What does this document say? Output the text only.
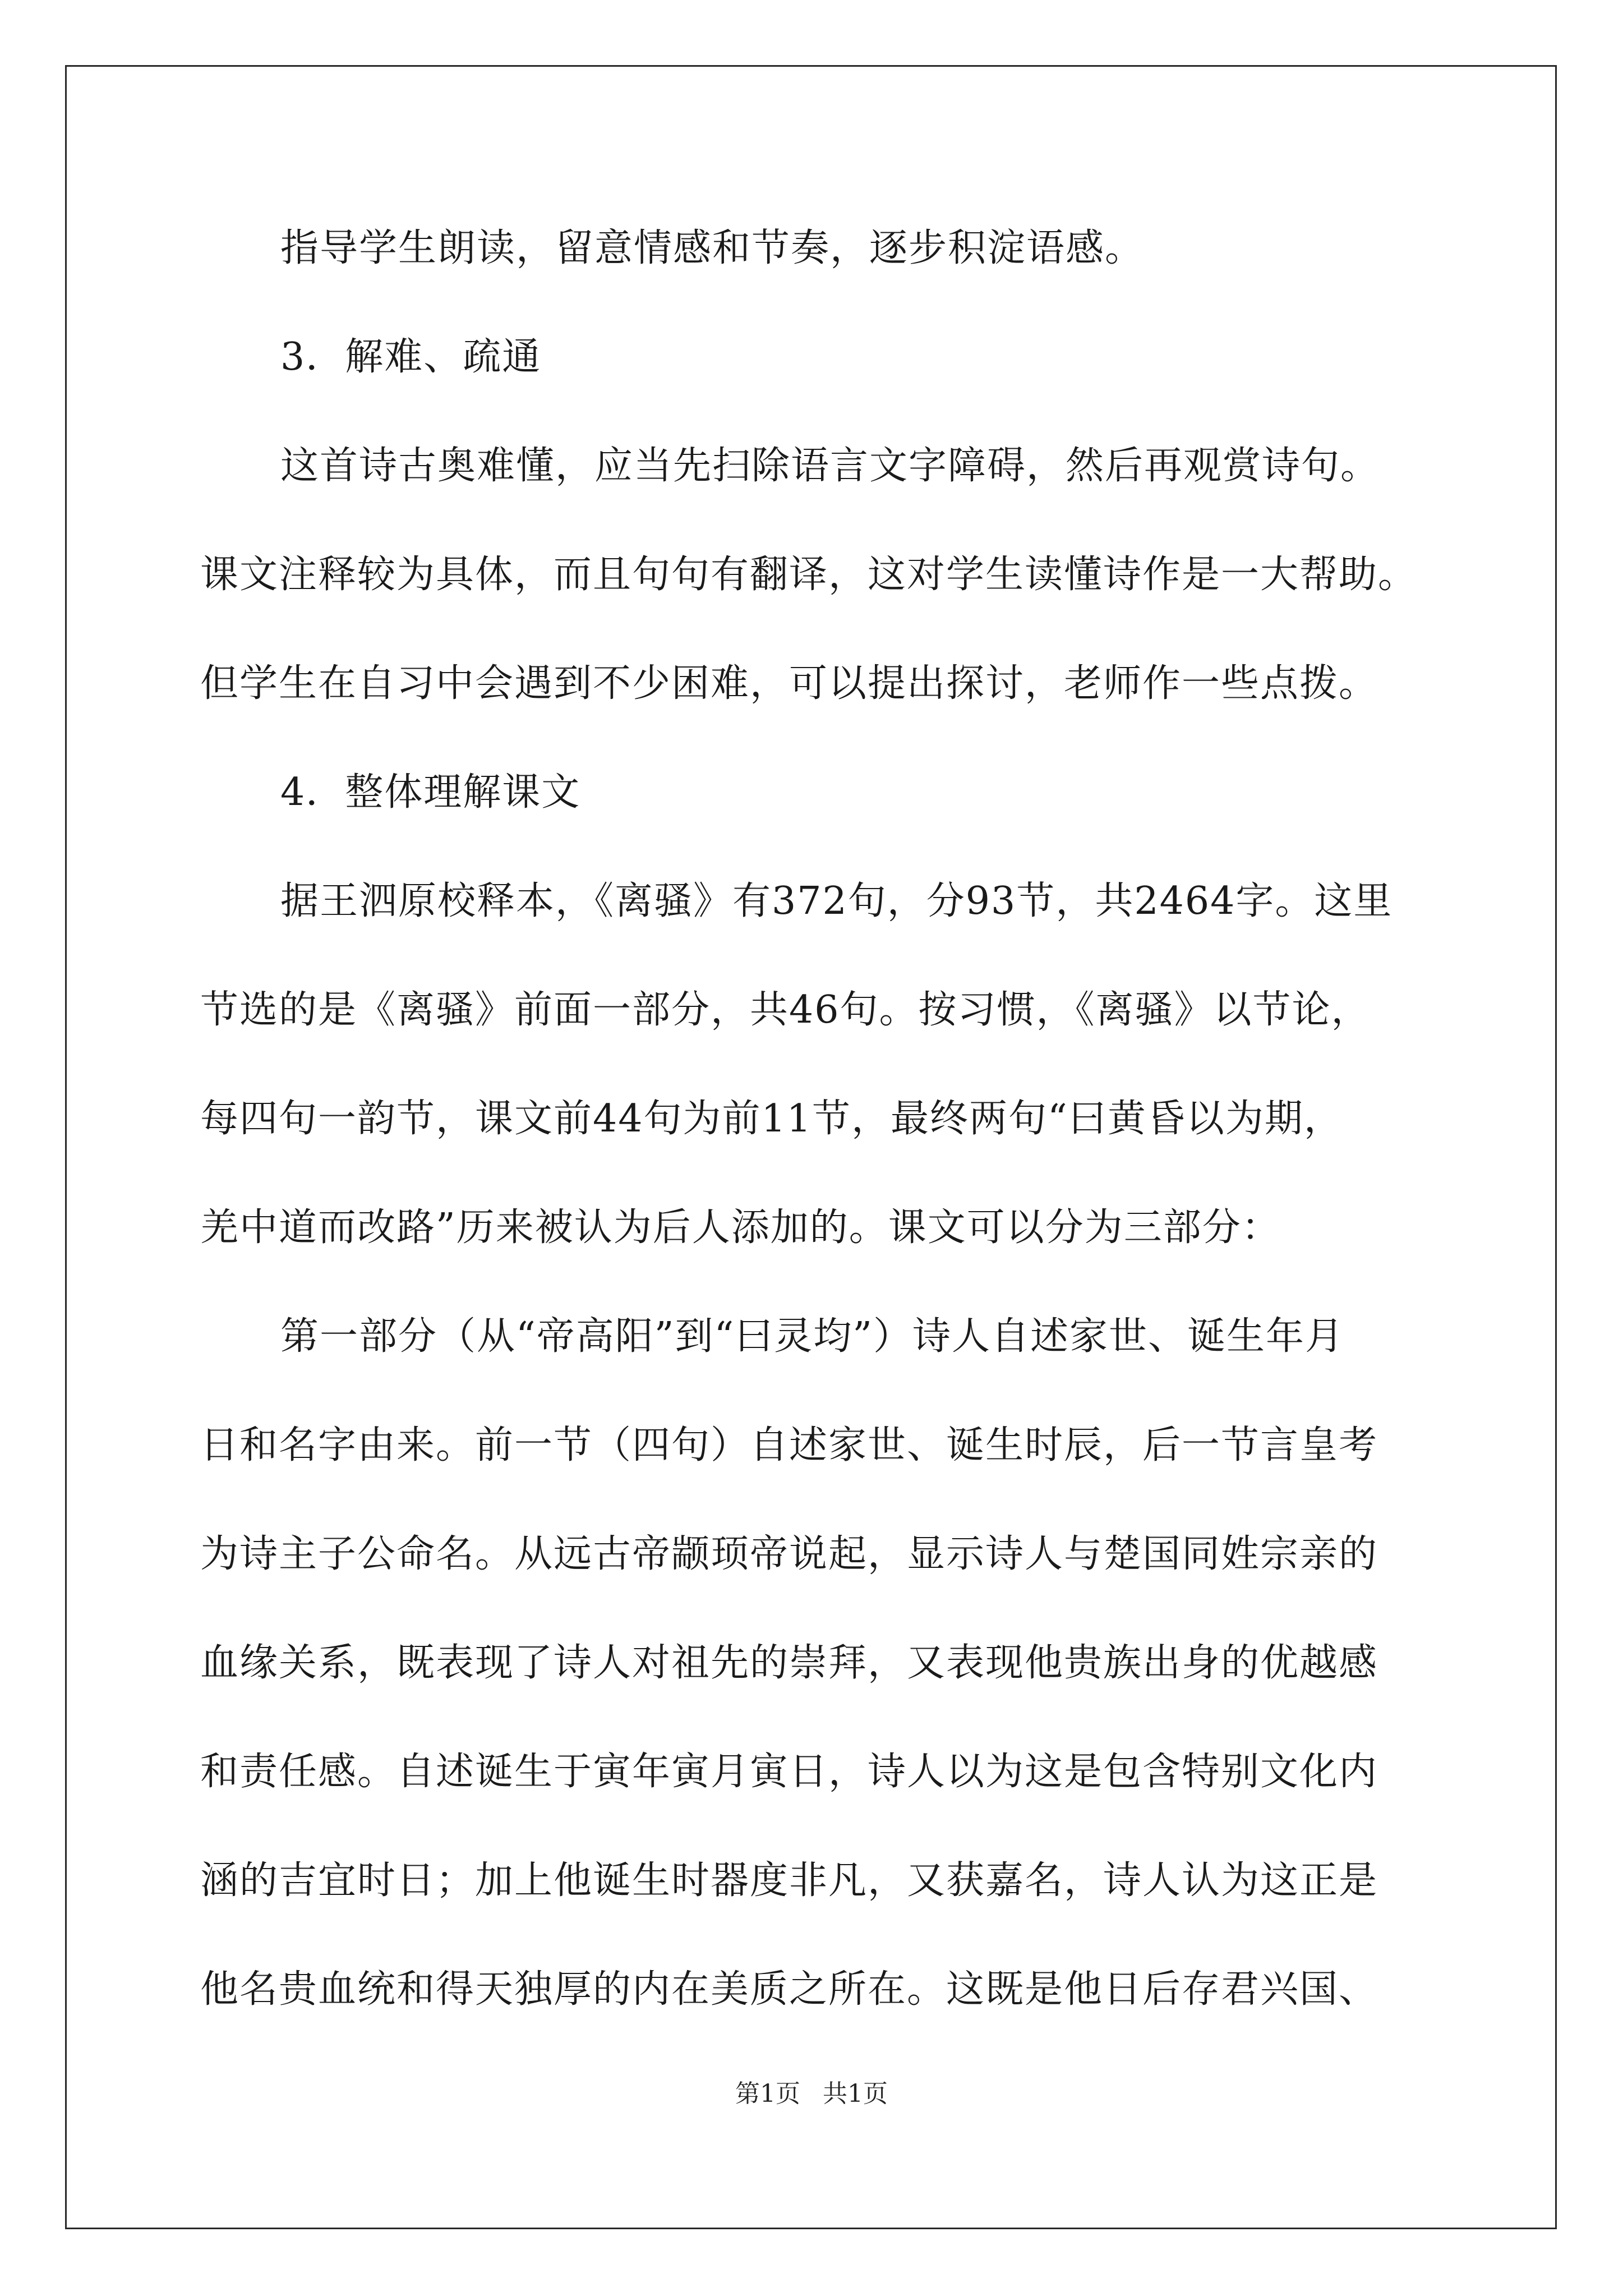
指导学生朗读，留意情感和节奏，逐步积淀语感。
3．解难、疏通
这首诗古奥难懂，应当先扫除语言文字障碍，然后再观赏诗句。
课文注释较为具体，而且句句有翻译，这对学生读懂诗作是一大帮助。
但学生在自习中会遇到不少困难，可以提出探讨，老师作一些点拨。
4．整体理解课文
据王泗原校释本，《离骚》有372句，分93节，共2464字。这里
节选的是《离骚》前面一部分，共46句。按习惯，《离骚》以节论，
每四句一韵节，课文前44句为前11节，最终两句“曰黄昏以为期，
羌中道而改路”历来被认为后人添加的。课文可以分为三部分：
第一部分（从“帝高阳”到“曰灵均”）诗人自述家世、诞生年月
日和名字由来。前一节（四句）自述家世、诞生时辰，后一节言皇考
为诗主子公命名。从远古帝颛顼帝说起，显示诗人与楚国同姓宗亲的
血缘关系，既表现了诗人对祖先的崇拜，又表现他贵族出身的优越感
和责任感。自述诞生于寅年寅月寅日，诗人以为这是包含特别文化内
涵的吉宜时日；加上他诞生时器度非凡，又获嘉名，诗人认为这正是
他名贵血统和得天独厚的内在美质之所在。这既是他日后存君兴国、
第1页 共1页
